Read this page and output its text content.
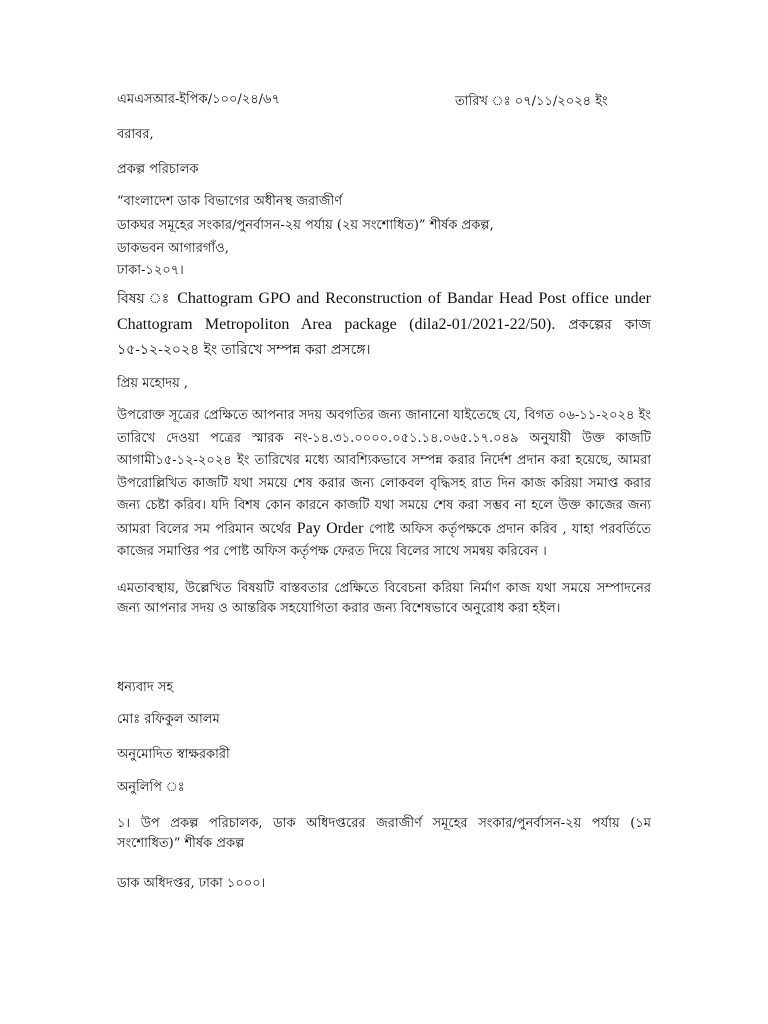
এমএসআর-ইপিক/১০০/২৪/৬৭	তারিখ ঃ ০৭/১১/২০২৪ ইং
বরাবর,
প্রকল্প পরিচালক
“বাংলাদেশ ডাক বিভাগের অধীনস্থ জরাজীর্ণ
ডাকঘর সমূহের সংকার/পুনর্বাসন-২য় পর্যায় (২য় সংশোধিত)” শীর্ষক প্রকল্প,
ডাকভবন আগারগাঁও,
ঢাকা-১২০৭।
বিষয় ঃ Chattogram GPO and Reconstruction of Bandar Head Post office under Chattogram Metropoliton Area package (dila2-01/2021-22/50). প্রকল্পের কাজ ১৫-১২-২০২৪ ইং তারিখে সম্পন্ন করা প্রসঙ্গে।
প্রিয় মহোদয় ,
উপরোক্ত সূত্রের প্রেক্ষিতে আপনার সদয় অবগতির জন্য জানানো যাইতেছে যে, বিগত ০৬-১১-২০২৪ ইং তারিখে দেওয়া পত্রের স্মারক নং-১৪.৩১.০০০০.০৫১.১৪.০৬৫.১৭.০৪৯ অনুযায়ী উক্ত কাজটি আগামী১৫-১২-২০২৪ ইং তারিখের মধ্যে আবশ্যিকভাবে সম্পন্ন করার নির্দেশ প্রদান করা হয়েছে, আমরা উপরোল্লিখিত কাজটি যথা সময়ে শেষ করার জন্য লোকবল বৃদ্ধিসহ রাত দিন কাজ করিয়া সমাপ্ত করার জন্য চেষ্টা করিব। যদি বিশষ কোন কারনে কাজটি যথা সময়ে শেষ করা সম্ভব না হলে উক্ত কাজের জন্য আমরা বিলের সম পরিমান অর্থের Pay Order পোষ্ট অফিস কর্তৃপক্ষকে প্রদান করিব , যাহা পরবর্তিতে কাজের সমাপ্তির পর পোষ্ট অফিস কর্তৃপক্ষ ফেরত দিয়ে বিলের সাথে সমন্বয় করিবেন ।
এমতাবস্থায়, উল্লেখিত বিষয়টি বাস্তবতার প্রেক্ষিতে বিবেচনা করিয়া নির্মাণ কাজ যথা সময়ে সম্পাদনের জন্য আপনার সদয় ও আন্তরিক সহযোগিতা করার জন্য বিশেষভাবে অনুরোধ করা হইল।
ধন্যবাদ সহ
মোঃ রফিকুল আলম
অনুমোদিত স্বাক্ষরকারী
অনুলিপি ঃ
১। উপ প্রকল্প পরিচালক, ডাক অধিদপ্তরের জরাজীর্ণ সমূহের সংকার/পুনর্বাসন-২য় পর্যায় (১ম সংশোধিত)” শীর্ষক প্রকল্প
ডাক অধিদপ্তর, ঢাকা ১০০০।
